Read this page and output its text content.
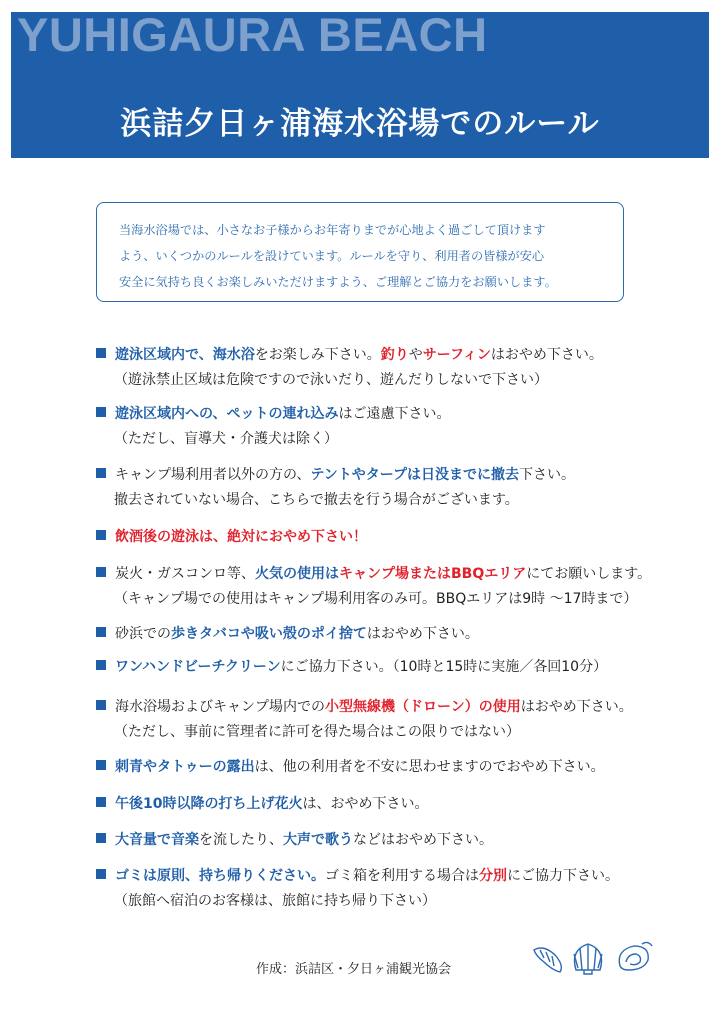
YUHIGAURA BEACH
浜詰夕日ヶ浦海水浴場でのルール
当海水浴場では、小さなお子様からお年寄りまでが心地よく過ごして頂けます
よう、いくつかのルールを設けています。ルールを守り、利用者の皆様が安心
安全に気持ち良くお楽しみいただけますよう、ご理解とご協力をお願いします。
遊泳区域内で、海水浴をお楽しみ下さい。釣りやサーフィンはおやめ下さい。
（遊泳禁止区域は危険ですので泳いだり、遊んだりしないで下さい）
遊泳区域内への、ペットの連れ込みはご遠慮下さい。
（ただし、盲導犬・介護犬は除く）
キャンプ場利用者以外の方の、テントやタープは日没までに撤去下さい。
撤去されていない場合、こちらで撤去を行う場合がございます。
飲酒後の遊泳は、絶対におやめ下さい！
炭火・ガスコンロ等、火気の使用はキャンプ場またはBBQエリアにてお願いします。
（キャンプ場での使用はキャンプ場利用客のみ可。BBQエリアは9時 ～17時まで）
砂浜での歩きタバコや吸い殻のポイ捨てはおやめ下さい。
ワンハンドビーチクリーンにご協力下さい。（10時と15時に実施／各回10分）
海水浴場およびキャンプ場内での小型無線機（ドローン）の使用はおやめ下さい。
（ただし、事前に管理者に許可を得た場合はこの限りではない）
刺青やタトゥーの露出は、他の利用者を不安に思わせますのでおやめ下さい。
午後10時以降の打ち上げ花火は、おやめ下さい。
大音量で音楽を流したり、大声で歌うなどはおやめ下さい。
ゴミは原則、持ち帰りください。ゴミ箱を利用する場合は分別にご協力下さい。
（旅館へ宿泊のお客様は、旅館に持ち帰り下さい）
作成：浜詰区・夕日ヶ浦観光協会
